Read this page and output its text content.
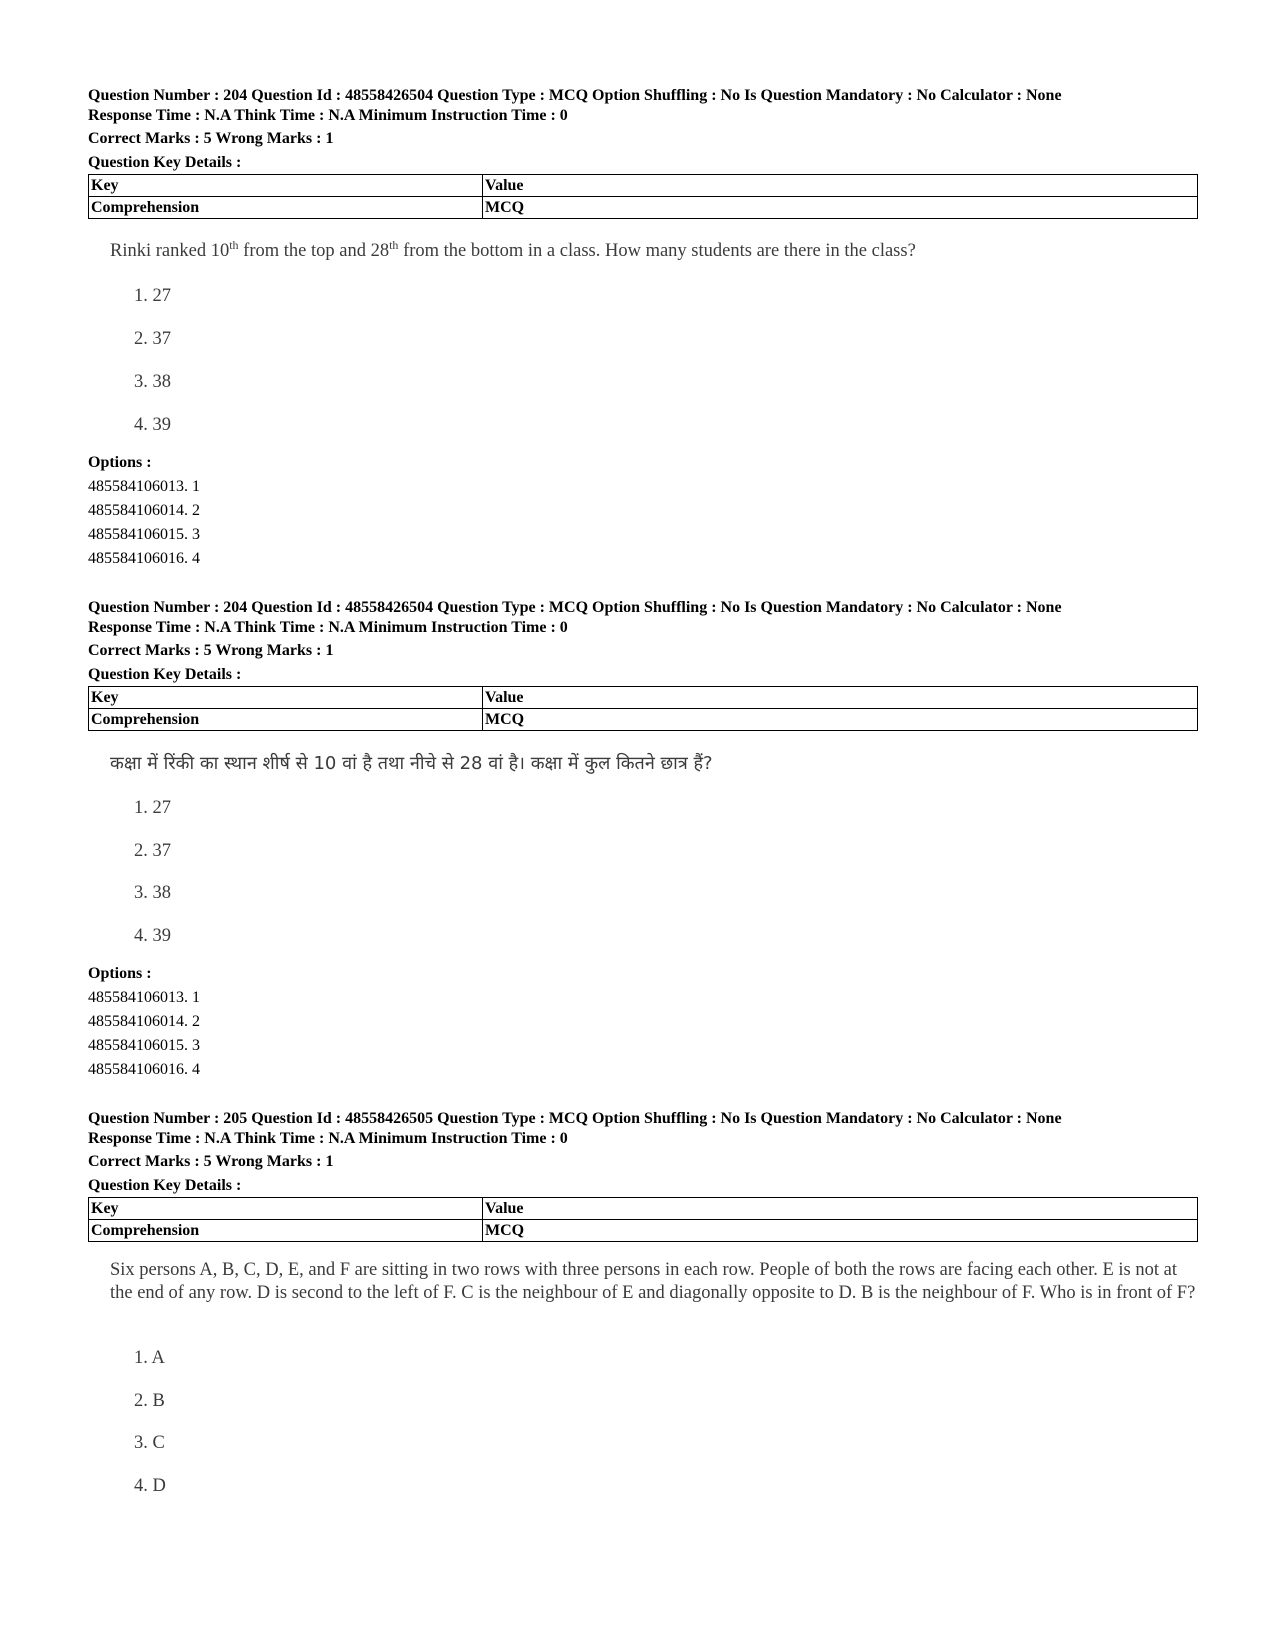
Question Number : 204 Question Id : 48558426504 Question Type : MCQ Option Shuffling : No Is Question Mandatory : No Calculator : None
Response Time : N.A Think Time : N.A Minimum Instruction Time : 0
Correct Marks : 5 Wrong Marks : 1
Question Key Details :
Key	Value
Comprehension	MCQ
Rinki ranked 10th from the top and 28th from the bottom in a class. How many students are there in the class?
1. 27
2. 37
3. 38
4. 39
Options :
485584106013. 1
485584106014. 2
485584106015. 3
485584106016. 4
Question Number : 204 Question Id : 48558426504 Question Type : MCQ Option Shuffling : No Is Question Mandatory : No Calculator : None
Response Time : N.A Think Time : N.A Minimum Instruction Time : 0
Correct Marks : 5 Wrong Marks : 1
Question Key Details :
Key	Value
Comprehension	MCQ
कक्षा में रिंकी का स्थान शीर्ष से 10 वां है तथा नीचे से 28 वां है। कक्षा में कुल कितने छात्र हैं?
1. 27
2. 37
3. 38
4. 39
Options :
485584106013. 1
485584106014. 2
485584106015. 3
485584106016. 4
Question Number : 205 Question Id : 48558426505 Question Type : MCQ Option Shuffling : No Is Question Mandatory : No Calculator : None
Response Time : N.A Think Time : N.A Minimum Instruction Time : 0
Correct Marks : 5 Wrong Marks : 1
Question Key Details :
Key	Value
Comprehension	MCQ
Six persons A, B, C, D, E, and F are sitting in two rows with three persons in each row. People of both the rows are facing each other. E is not at the end of any row. D is second to the left of F. C is the neighbour of E and diagonally opposite to D. B is the neighbour of F. Who is in front of F?
1. A
2. B
3. C
4. D
